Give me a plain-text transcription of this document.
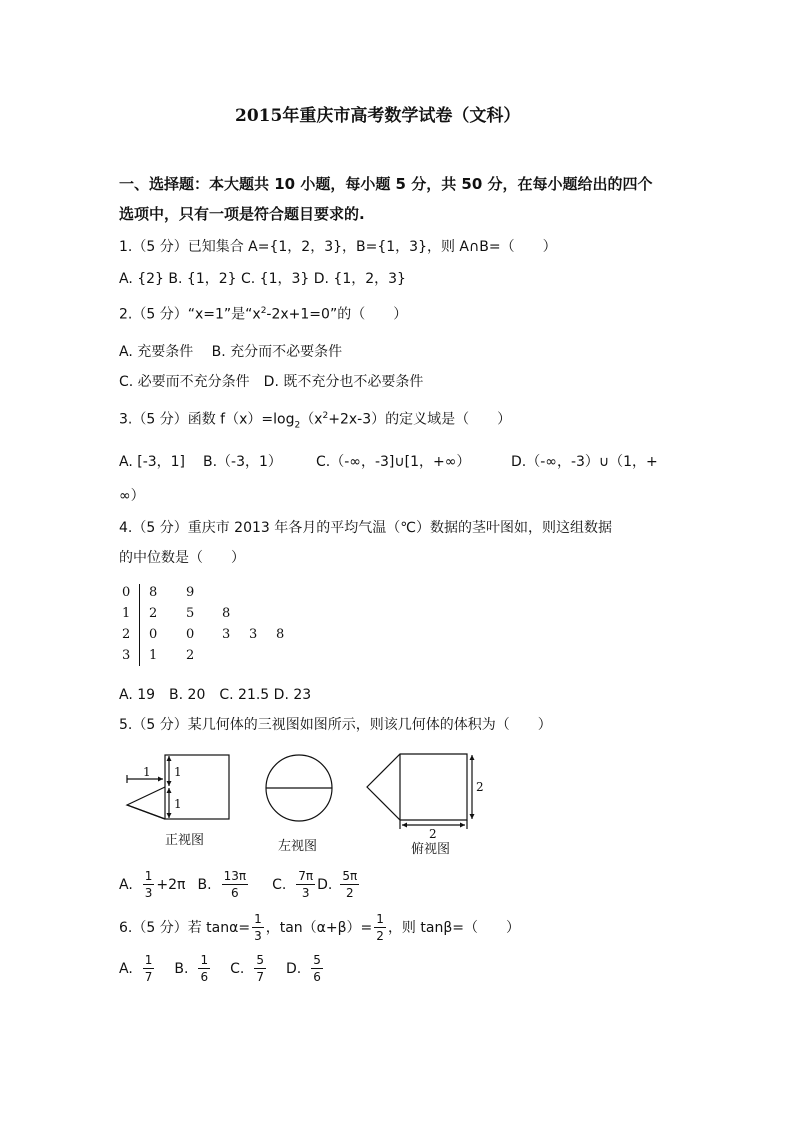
2015年重庆市高考数学试卷（文科）
一、选择题：本大题共 10 小题，每小题 5 分，共 50 分，在每小题给出的四个
选项中，只有一项是符合题目要求的.
1.（5 分）已知集合 A={1，2，3}，B={1，3}，则 A∩B=（　　）
A. {2} B. {1，2} C. {1，3} D. {1，2，3}
2.（5 分）“x=1”是“$x^2-2x+1=0$”的（　　）
A. 充要条件　 B. 充分而不必要条件
C. 必要而不充分条件　D. 既不充分也不必要条件
3.（5 分）函数 $f(x)=\log_2(x^2+2x-3)$的定义域是（　　）
A. [-3，1] B.（-3，1） C.（-∞，-3]∪[1，+∞）	D.（-∞，-3）∪（1，+
∞）
4.（5 分）重庆市 2013 年各月的平均气温（℃）数据的茎叶图如，则这组数据
的中位数是（　　）
0 8 9
1 2 5 8
2 0 0 3 3 8
3 1 2
A. 19　B. 20　C. 21.5 D. 23
5.（5 分）某几何体的三视图如图所示，则该几何体的体积为（　　）
1 1
1
2
2
正视图	左视图	俯视图
A. $\frac{1}{3} +2\pi$ B. $\frac{13\pi}{6} C$. $\frac{7\pi}{3} D$. $\frac{5\pi}{2}$
6.（5 分）若 $\tan\alpha= \frac{1}{3}$ ，$\tan(\alpha+\beta)= \frac{1}{2}$ ，则 tanβ=（　　）
A. $\frac{1}{7} B$. $\frac{1}{6} C$. $\frac{5}{7} D$. $\frac{5}{6}$
